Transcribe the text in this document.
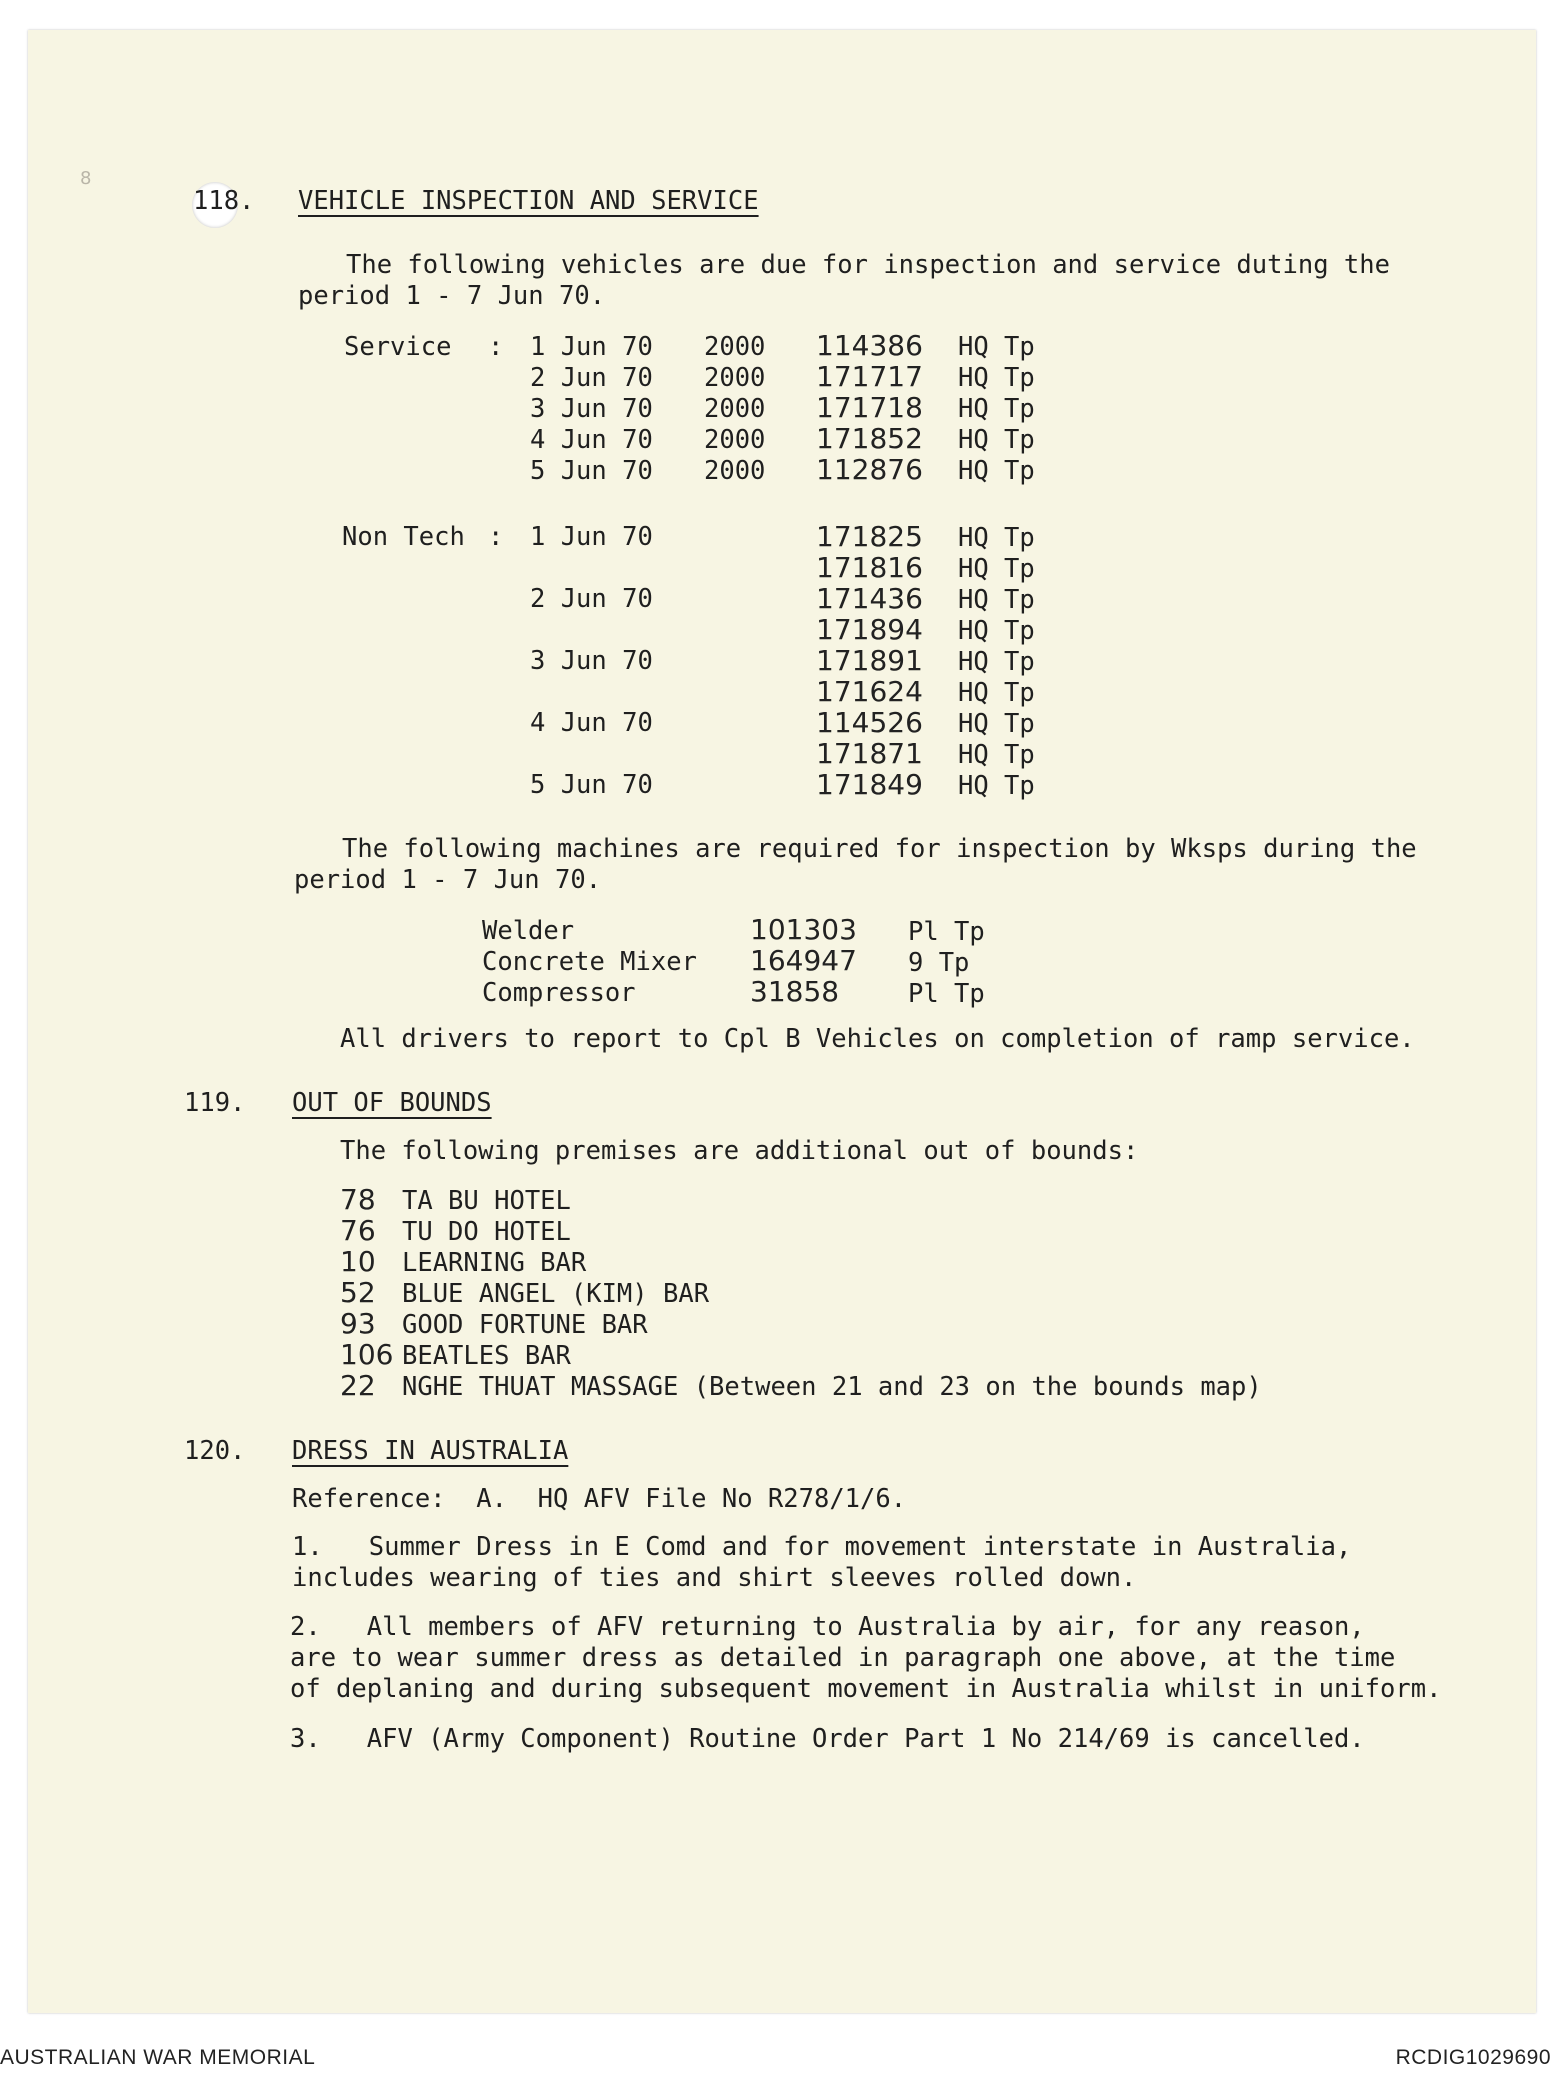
8
118. VEHICLE INSPECTION AND SERVICE
The following vehicles are due for inspection and service duting the
period 1 - 7 Jun 70.
Service : 1 Jun 70 2000 114386 HQ Tp
2 Jun 70 2000 171717 HQ Tp
3 Jun 70 2000 171718 HQ Tp
4 Jun 70 2000 171852 HQ Tp
5 Jun 70 2000 112876 HQ Tp
Non Tech : 1 Jun 70	171825 HQ Tp
171816 HQ Tp
2 Jun 70	171436 HQ Tp
171894 HQ Tp
3 Jun 70	171891 HQ Tp
171624 HQ Tp
4 Jun 70	114526 HQ Tp
171871 HQ Tp
5 Jun 70	171849 HQ Tp
The following machines are required for inspection by Wksps during the
period 1 - 7 Jun 70.
Welder	101303 Pl Tp
Concrete Mixer 164947 9 Tp
Compressor	31858	Pl Tp
All drivers to report to Cpl B Vehicles on completion of ramp service.
119. OUT OF BOUNDS
The following premises are additional out of bounds:
78 TA BU HOTEL
76 TU DO HOTEL
10 LEARNING BAR
52 BLUE ANGEL (KIM) BAR
93 GOOD FORTUNE BAR
106 BEATLES BAR
22 NGHE THUAT MASSAGE (Between 21 and 23 on the bounds map)
120. DRESS IN AUSTRALIA
Reference:  A.  HQ AFV File No R278/1/6.
1.   Summer Dress in E Comd and for movement interstate in Australia,
includes wearing of ties and shirt sleeves rolled down.
2.   All members of AFV returning to Australia by air, for any reason,
are to wear summer dress as detailed in paragraph one above, at the time
of deplaning and during subsequent movement in Australia whilst in uniform.
3.   AFV (Army Component) Routine Order Part 1 No 214/69 is cancelled.
AUSTRALIAN WAR MEMORIAL	RCDIG1029690
